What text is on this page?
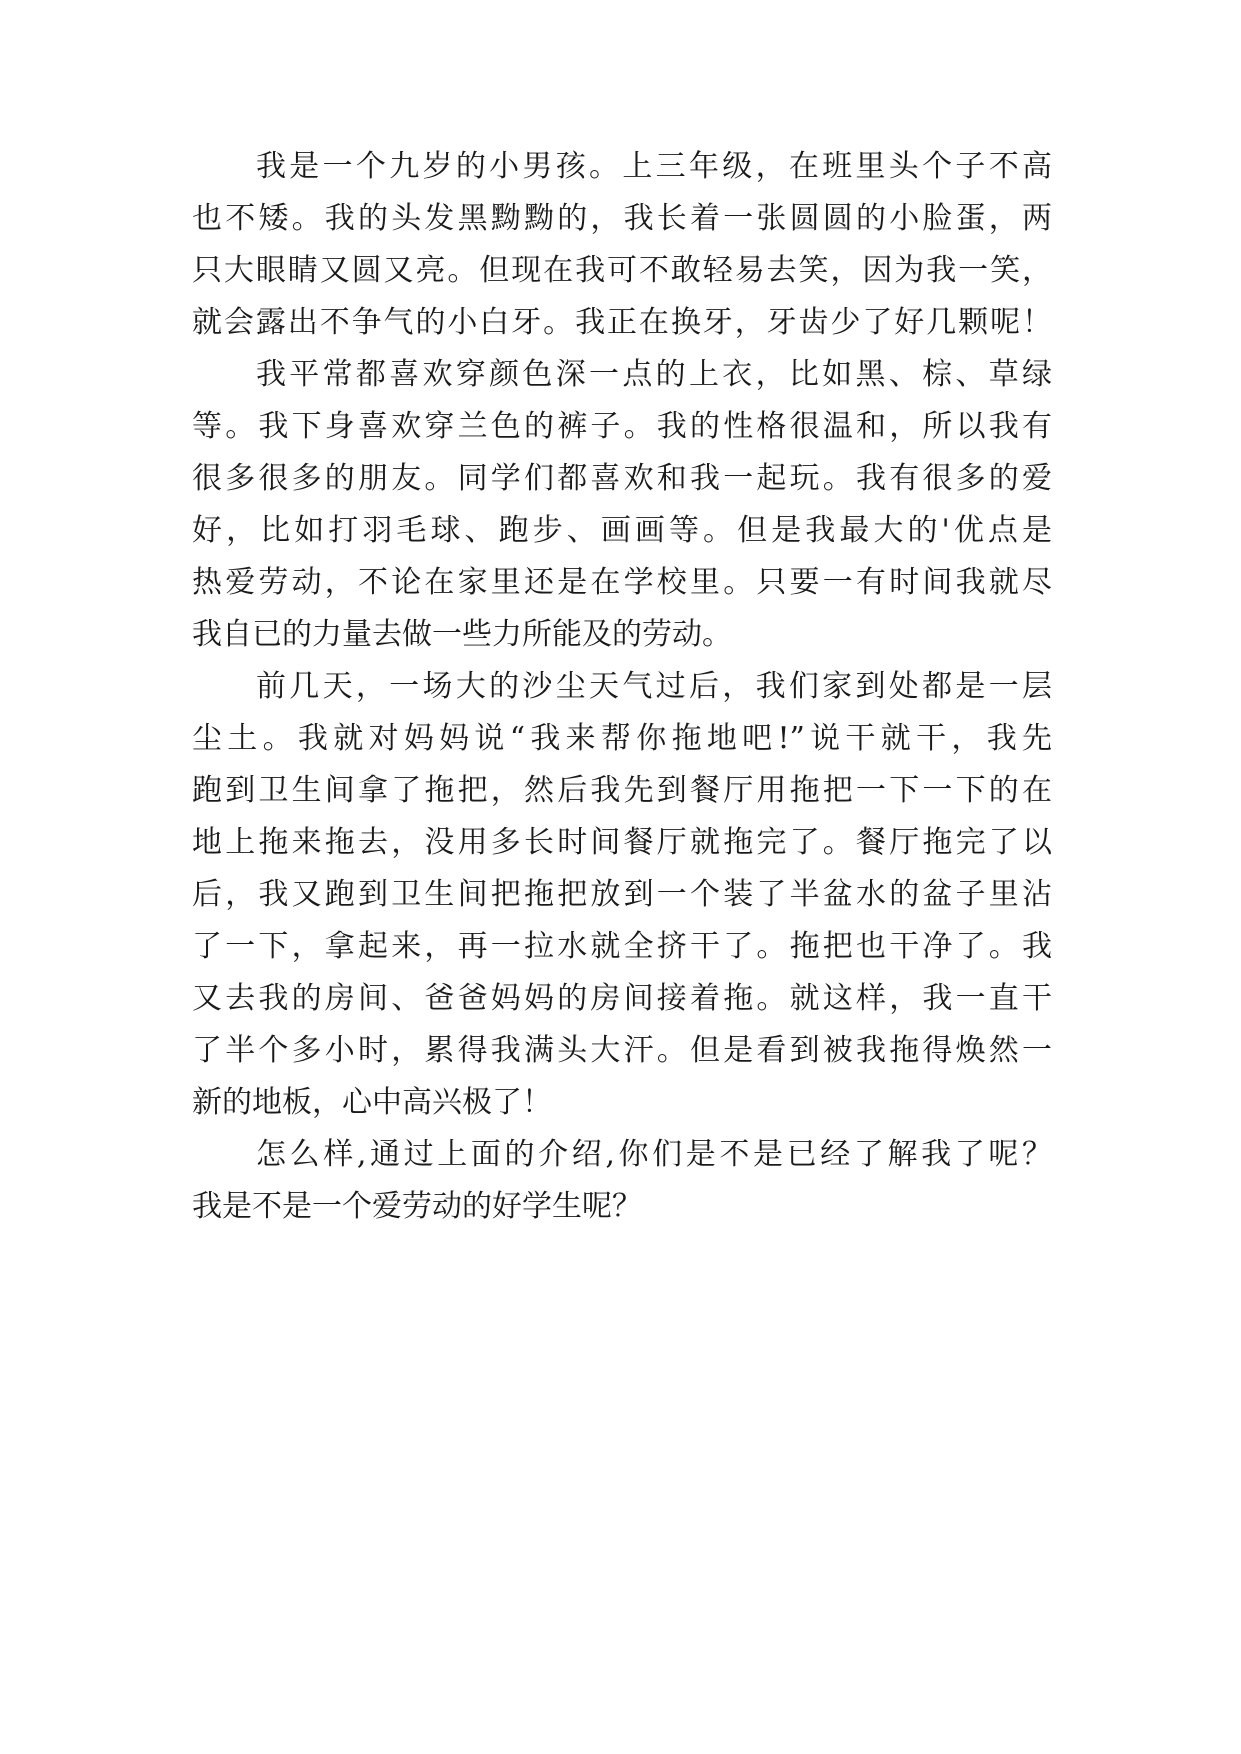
我是一个九岁的小男孩。上三年级，在班里头个子不高
也不矮。我的头发黑黝黝的，我长着一张圆圆的小脸蛋，两
只大眼睛又圆又亮。但现在我可不敢轻易去笑，因为我一笑，
就会露出不争气的小白牙。我正在换牙，牙齿少了好几颗呢！
我平常都喜欢穿颜色深一点的上衣，比如黑、棕、草绿
等。我下身喜欢穿兰色的裤子。我的性格很温和，所以我有
很多很多的朋友。同学们都喜欢和我一起玩。我有很多的爱
好，比如打羽毛球、跑步、画画等。但是我最大的'优点是
热爱劳动，不论在家里还是在学校里。只要一有时间我就尽
我自已的力量去做一些力所能及的劳动。
前几天，一场大的沙尘天气过后，我们家到处都是一层
尘土。我就对妈妈说“我来帮你拖地吧!”说干就干，我先
跑到卫生间拿了拖把，然后我先到餐厅用拖把一下一下的在
地上拖来拖去，没用多长时间餐厅就拖完了。餐厅拖完了以
后，我又跑到卫生间把拖把放到一个装了半盆水的盆子里沾
了一下，拿起来，再一拉水就全挤干了。拖把也干净了。我
又去我的房间、爸爸妈妈的房间接着拖。就这样，我一直干
了半个多小时，累得我满头大汗。但是看到被我拖得焕然一
新的地板，心中高兴极了！
怎么样,通过上面的介绍,你们是不是已经了解我了呢？
我是不是一个爱劳动的好学生呢？
